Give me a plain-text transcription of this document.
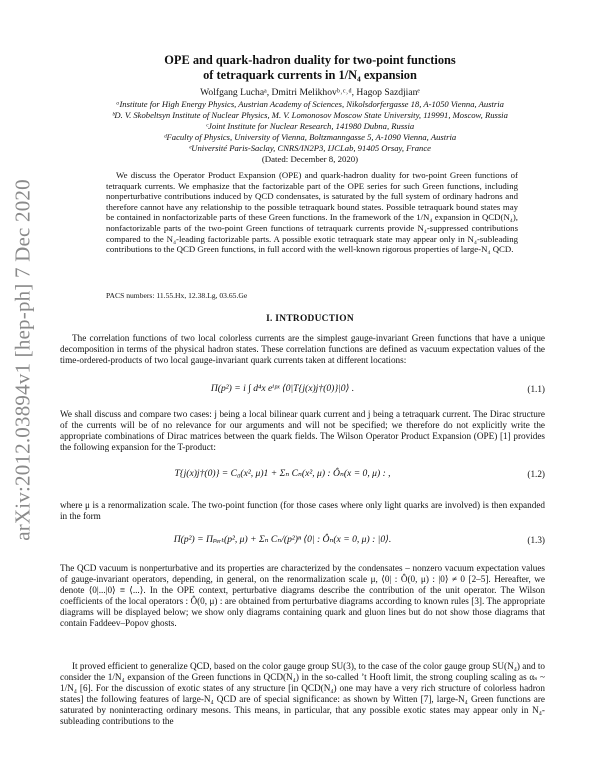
arXiv:2012.03894v1 [hep-ph] 7 Dec 2020
OPE and quark-hadron duality for two-point functions
of tetraquark currents in 1/N₄ expansion
Wolfgang Luchaᵃ, Dmitri Melikhovᵇ˒ᶜ˒ᵈ, Hagop Sazdjianᵉ
ᵃInstitute for High Energy Physics, Austrian Academy of Sciences, Nikolsdorfergasse 18, A-1050 Vienna, Austria
ᵇD. V. Skobeltsyn Institute of Nuclear Physics, M. V. Lomonosov Moscow State University, 119991, Moscow, Russia
ᶜJoint Institute for Nuclear Research, 141980 Dubna, Russia
ᵈFaculty of Physics, University of Vienna, Boltzmanngasse 5, A-1090 Vienna, Austria
ᵉUniversité Paris-Saclay, CNRS/IN2P3, IJCLab, 91405 Orsay, France
(Dated: December 8, 2020)

We discuss the Operator Product Expansion (OPE) and quark-hadron duality for two-point Green functions of tetraquark currents. We emphasize that the factorizable part of the OPE series for such Green functions, including nonperturbative contributions induced by QCD condensates, is saturated by the full system of ordinary hadrons and therefore cannot have any relationship to the possible tetraquark bound states. Possible tetraquark bound states may be contained in nonfactorizable parts of these Green functions. In the framework of the 1/N₄ expansion in QCD(N₄), nonfactorizable parts of the two-point Green functions of tetraquark currents provide N₄-suppressed contributions compared to the N₄-leading factorizable parts. A possible exotic tetraquark state may appear only in N₄-subleading contributions to the QCD Green functions, in full accord with the well-known rigorous properties of large-N₄ QCD.

PACS numbers: 11.55.Hx, 12.38.Lg, 03.65.Ge
I. INTRODUCTION

The correlation functions of two local colorless currents are the simplest gauge-invariant Green functions that have a unique decomposition in terms of the physical hadron states. These correlation functions are defined as vacuum expectation values of the time-ordered-products of two local gauge-invariant quark currents taken at different locations:

Π(p²) = i ∫ d⁴x eⁱᵖˣ ⟨0|T{j(x)j†(0)}|0⟩ .	(1.1)

We shall discuss and compare two cases: j being a local bilinear quark current and j being a tetraquark current. The Dirac structure of the currents will be of no relevance for our arguments and will not be specified; we therefore do not explicitly write the appropriate combinations of Dirac matrices between the quark fields. The Wilson Operator Product Expansion (OPE) [1] provides the following expansion for the T-product:

T{j(x)j†(0)} = C₀(x², μ)1 + Σₙ Cₙ(x², μ) : Ôₙ(x = 0, μ) : ,	(1.2)

where μ is a renormalization scale. The two-point function (for those cases where only light quarks are involved) is then expanded in the form

Π(p²) = Πₚₑᵣₜ(p², μ) + Σₙ Cₙ/(p²)ⁿ ⟨0| : Ôₙ(x = 0, μ) : |0⟩.	(1.3)

The QCD vacuum is nonperturbative and its properties are characterized by the condensates – nonzero vacuum expectation values of gauge-invariant operators, depending, in general, on the renormalization scale μ, ⟨0| : Ô(0, μ) : |0⟩ ≠ 0 [2–5]. Hereafter, we denote ⟨0|...|0⟩ ≡ ⟨...⟩. In the OPE context, perturbative diagrams describe the contribution of the unit operator. The Wilson coefficients of the local operators : Ô(0, μ) : are obtained from perturbative diagrams according to known rules [3]. The appropriate diagrams will be displayed below; we show only diagrams containing quark and gluon lines but do not show those diagrams that contain Faddeev–Popov ghosts.

It proved efficient to generalize QCD, based on the color gauge group SU(3), to the case of the color gauge group SU(N₄) and to consider the 1/N₄ expansion of the Green functions in QCD(N₄) in the so-called ’t Hooft limit, the strong coupling scaling as αₛ ~ 1/N₄ [6]. For the discussion of exotic states of any structure [in QCD(N₄) one may have a very rich structure of colorless hadron states] the following features of large-N₄ QCD are of special significance: as shown by Witten [7], large-N₄ Green functions are saturated by noninteracting ordinary mesons. This means, in particular, that any possible exotic states may appear only in N₄-subleading contributions to the
